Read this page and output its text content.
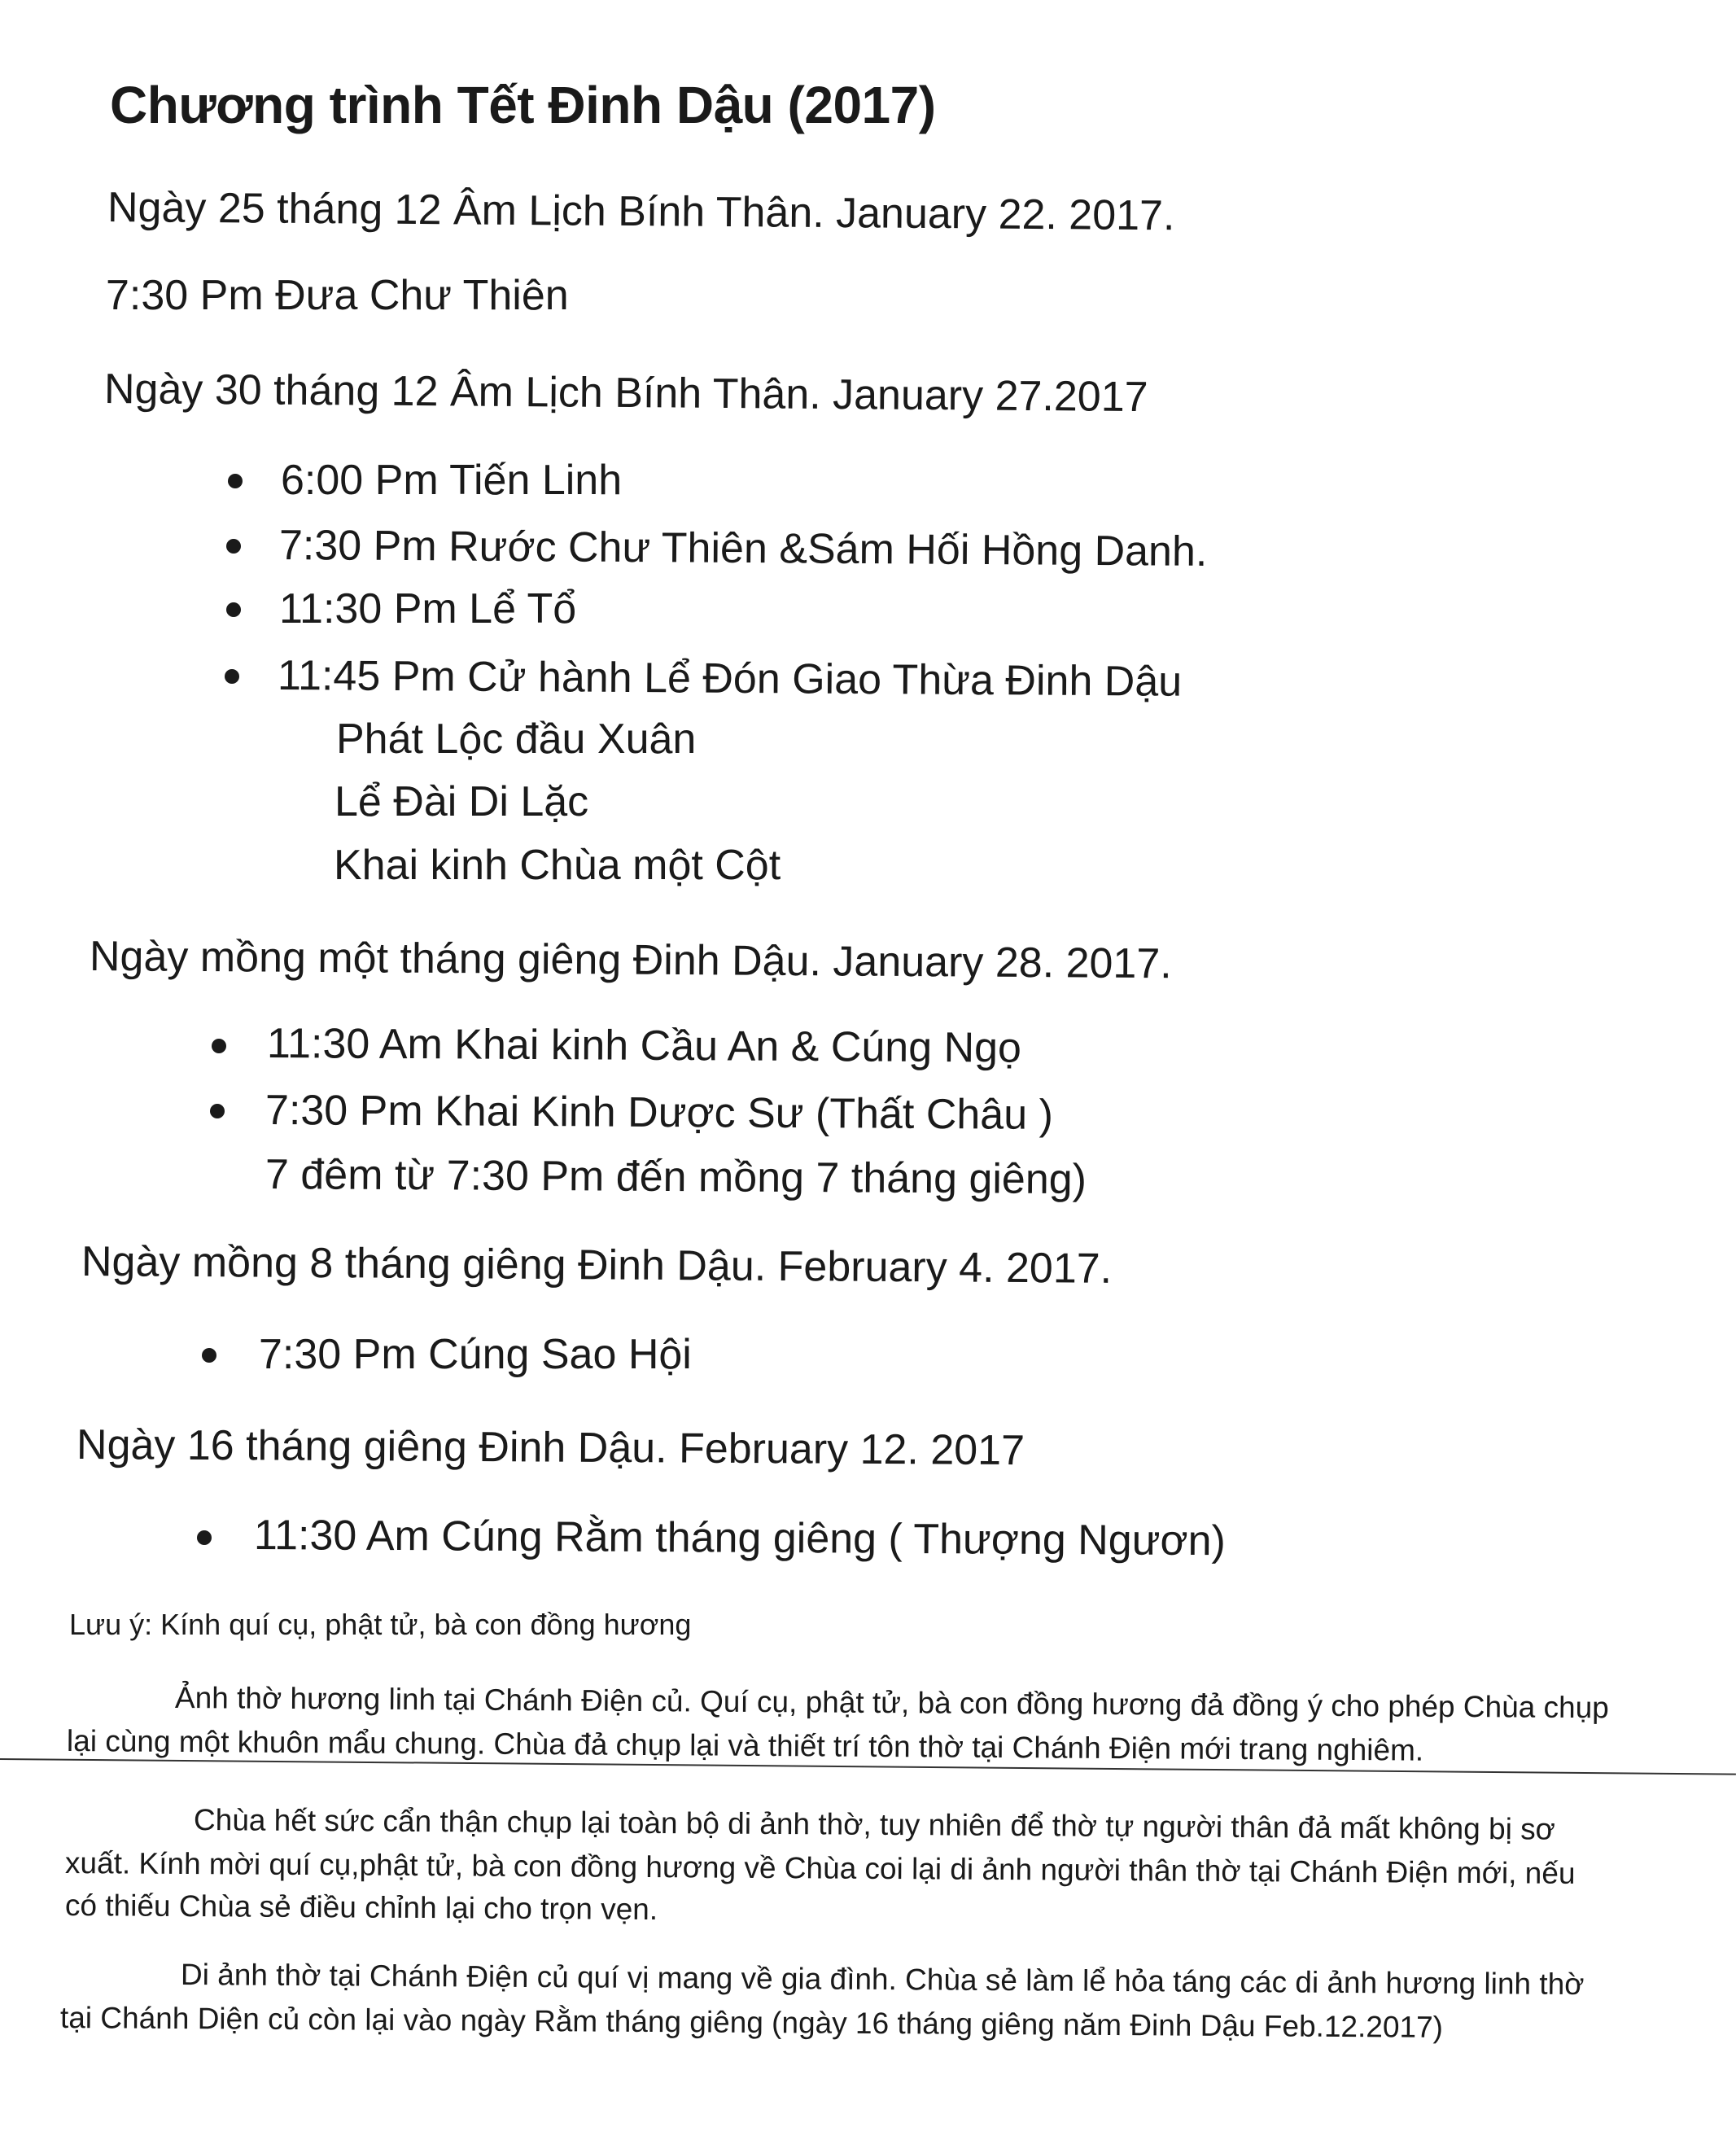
Chương trình Tết Đinh Dậu (2017)
Ngày 25 tháng 12 Âm Lịch Bính Thân. January 22. 2017.
7:30 Pm Đưa Chư Thiên
Ngày 30 tháng 12 Âm Lịch Bính Thân. January 27.2017
6:00 Pm Tiến Linh
7:30 Pm Rước Chư Thiên &Sám Hối Hồng Danh.
11:30 Pm Lể Tổ
11:45 Pm Cử hành Lể Đón Giao Thừa Đinh Dậu
Phát Lộc đầu Xuân
Lể Đài Di Lặc
Khai kinh Chùa một Cột
Ngày mồng một tháng giêng Đinh Dậu. January 28. 2017.
11:30 Am Khai kinh Cầu An & Cúng Ngọ
7:30 Pm Khai Kinh Dược Sư (Thất Châu )
7 đêm từ 7:30 Pm đến mồng 7 tháng giêng)
Ngày mồng 8 tháng giêng Đinh Dậu. February 4. 2017.
7:30 Pm Cúng Sao Hội
Ngày 16 tháng giêng Đinh Dậu. February 12. 2017
11:30 Am Cúng Rằm tháng giêng ( Thượng Ngươn)
Lưu ý: Kính quí cụ, phật tử, bà con đồng hương
Ảnh thờ hương linh tại Chánh Điện củ. Quí cụ, phật tử, bà con đồng hương đả đồng ý cho phép Chùa chụp
lại cùng một khuôn mẩu chung. Chùa đả chụp lại và thiết trí tôn thờ tại Chánh Điện mới trang nghiêm.
Chùa hết sức cẩn thận chụp lại toàn bộ di ảnh thờ, tuy nhiên để thờ tự người thân đả mất không bị sơ
xuất. Kính mời quí cụ,phật tử, bà con đồng hương về Chùa coi lại di ảnh người thân thờ tại Chánh Điện mới, nếu
có thiếu Chùa sẻ điều chỉnh lại cho trọn vẹn.
Di ảnh thờ tại Chánh Điện củ quí vị mang về gia đình. Chùa sẻ làm lể hỏa táng các di ảnh hương linh thờ
tại Chánh Diện củ còn lại vào ngày Rằm tháng giêng (ngày 16 tháng giêng năm Đinh Dậu Feb.12.2017)
